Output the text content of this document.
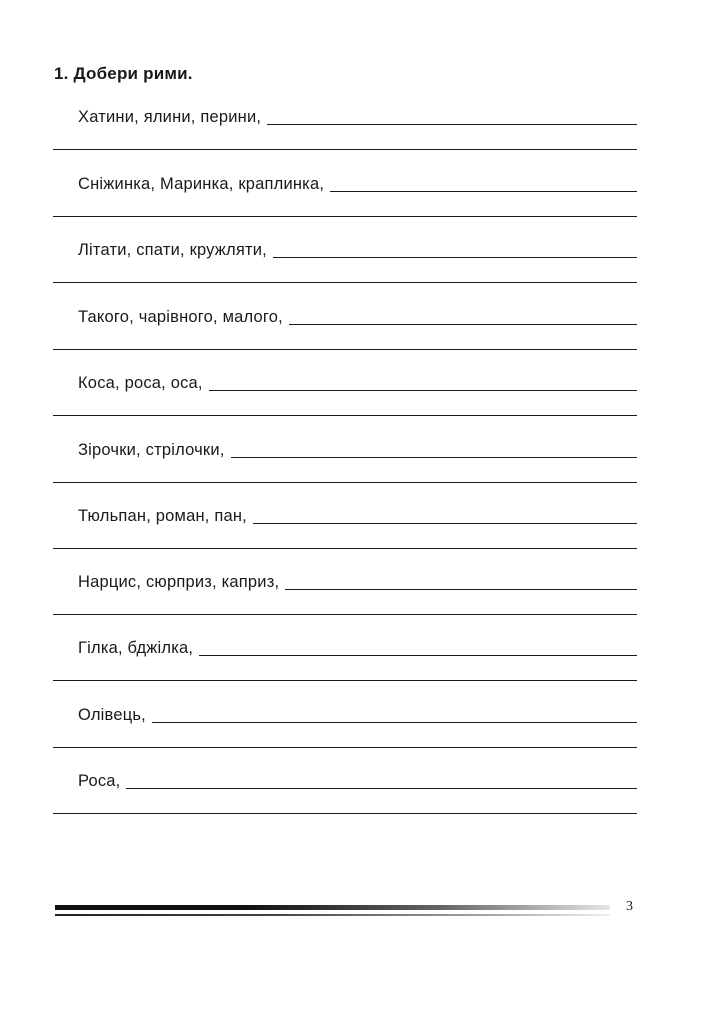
1. Добери рими.
Хатини, ялини, перини,
Сніжинка, Маринка, краплинка,
Літати, спати, кружляти,
Такого, чарівного, малого,
Коса, роса, оса,
Зірочки, стрілочки,
Тюльпан, роман, пан,
Нарцис, сюрприз, каприз,
Гілка, бджілка,
Олівець,
Роса,
3
